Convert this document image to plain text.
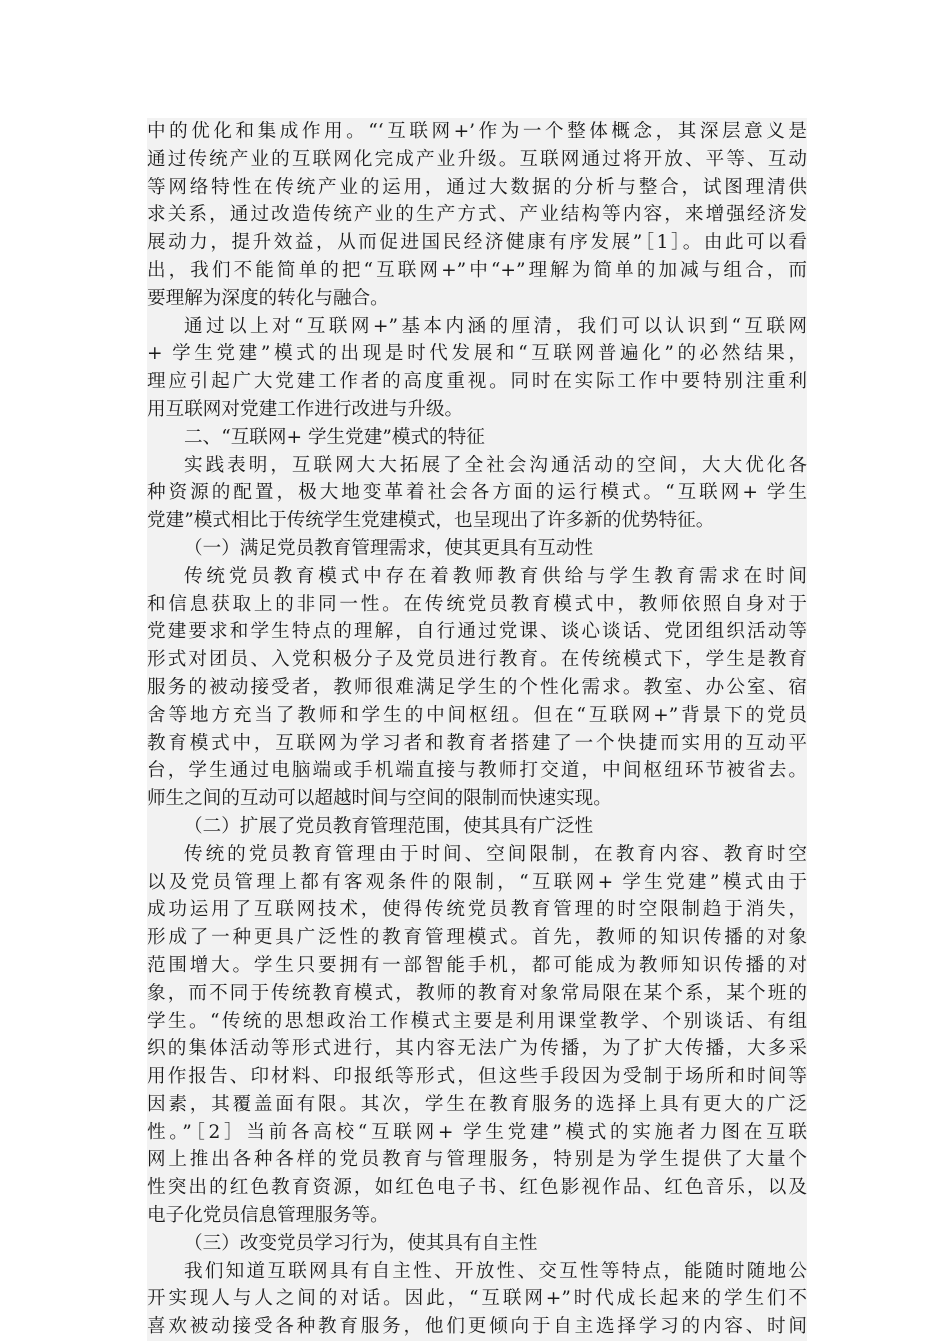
中的优化和集成作用。“‘互联网+’作为一个整体概念，其深层意义是
通过传统产业的互联网化完成产业升级。互联网通过将开放、平等、互动
等网络特性在传统产业的运用，通过大数据的分析与整合，试图理清供
求关系，通过改造传统产业的生产方式、产业结构等内容，来增强经济发
展动力，提升效益，从而促进国民经济健康有序发展”［1］。由此可以看
出，我们不能简单的把“互联网+”中“+”理解为简单的加减与组合，而
要理解为深度的转化与融合。
通过以上对“互联网+”基本内涵的厘清，我们可以认识到“互联网
+ 学生党建”模式的出现是时代发展和“互联网普遍化”的必然结果，
理应引起广大党建工作者的高度重视。同时在实际工作中要特别注重利
用互联网对党建工作进行改进与升级。
二、“互联网+ 学生党建”模式的特征
实践表明，互联网大大拓展了全社会沟通活动的空间，大大优化各
种资源的配置，极大地变革着社会各方面的运行模式。“互联网+ 学生
党建”模式相比于传统学生党建模式，也呈现出了许多新的优势特征。
（一）满足党员教育管理需求，使其更具有互动性
传统党员教育模式中存在着教师教育供给与学生教育需求在时间
和信息获取上的非同一性。在传统党员教育模式中，教师依照自身对于
党建要求和学生特点的理解，自行通过党课、谈心谈话、党团组织活动等
形式对团员、入党积极分子及党员进行教育。在传统模式下，学生是教育
服务的被动接受者，教师很难满足学生的个性化需求。教室、办公室、宿
舍等地方充当了教师和学生的中间枢纽。但在“互联网+”背景下的党员
教育模式中，互联网为学习者和教育者搭建了一个快捷而实用的互动平
台，学生通过电脑端或手机端直接与教师打交道，中间枢纽环节被省去。
师生之间的互动可以超越时间与空间的限制而快速实现。
（二）扩展了党员教育管理范围，使其具有广泛性
传统的党员教育管理由于时间、空间限制，在教育内容、教育时空
以及党员管理上都有客观条件的限制，“互联网+ 学生党建”模式由于
成功运用了互联网技术，使得传统党员教育管理的时空限制趋于消失，
形成了一种更具广泛性的教育管理模式。首先，教师的知识传播的对象
范围增大。学生只要拥有一部智能手机，都可能成为教师知识传播的对
象，而不同于传统教育模式，教师的教育对象常局限在某个系，某个班的
学生。“传统的思想政治工作模式主要是利用课堂教学、个别谈话、有组
织的集体活动等形式进行，其内容无法广为传播，为了扩大传播，大多采
用作报告、印材料、印报纸等形式，但这些手段因为受制于场所和时间等
因素，其覆盖面有限。其次，学生在教育服务的选择上具有更大的广泛
性。”［2］当前各高校“互联网+ 学生党建”模式的实施者力图在互联
网上推出各种各样的党员教育与管理服务，特别是为学生提供了大量个
性突出的红色教育资源，如红色电子书、红色影视作品、红色音乐，以及
电子化党员信息管理服务等。
（三）改变党员学习行为，使其具有自主性
我们知道互联网具有自主性、开放性、交互性等特点，能随时随地公
开实现人与人之间的对话。因此，“互联网+”时代成长起来的学生们不
喜欢被动接受各种教育服务，他们更倾向于自主选择学习的内容、时间
